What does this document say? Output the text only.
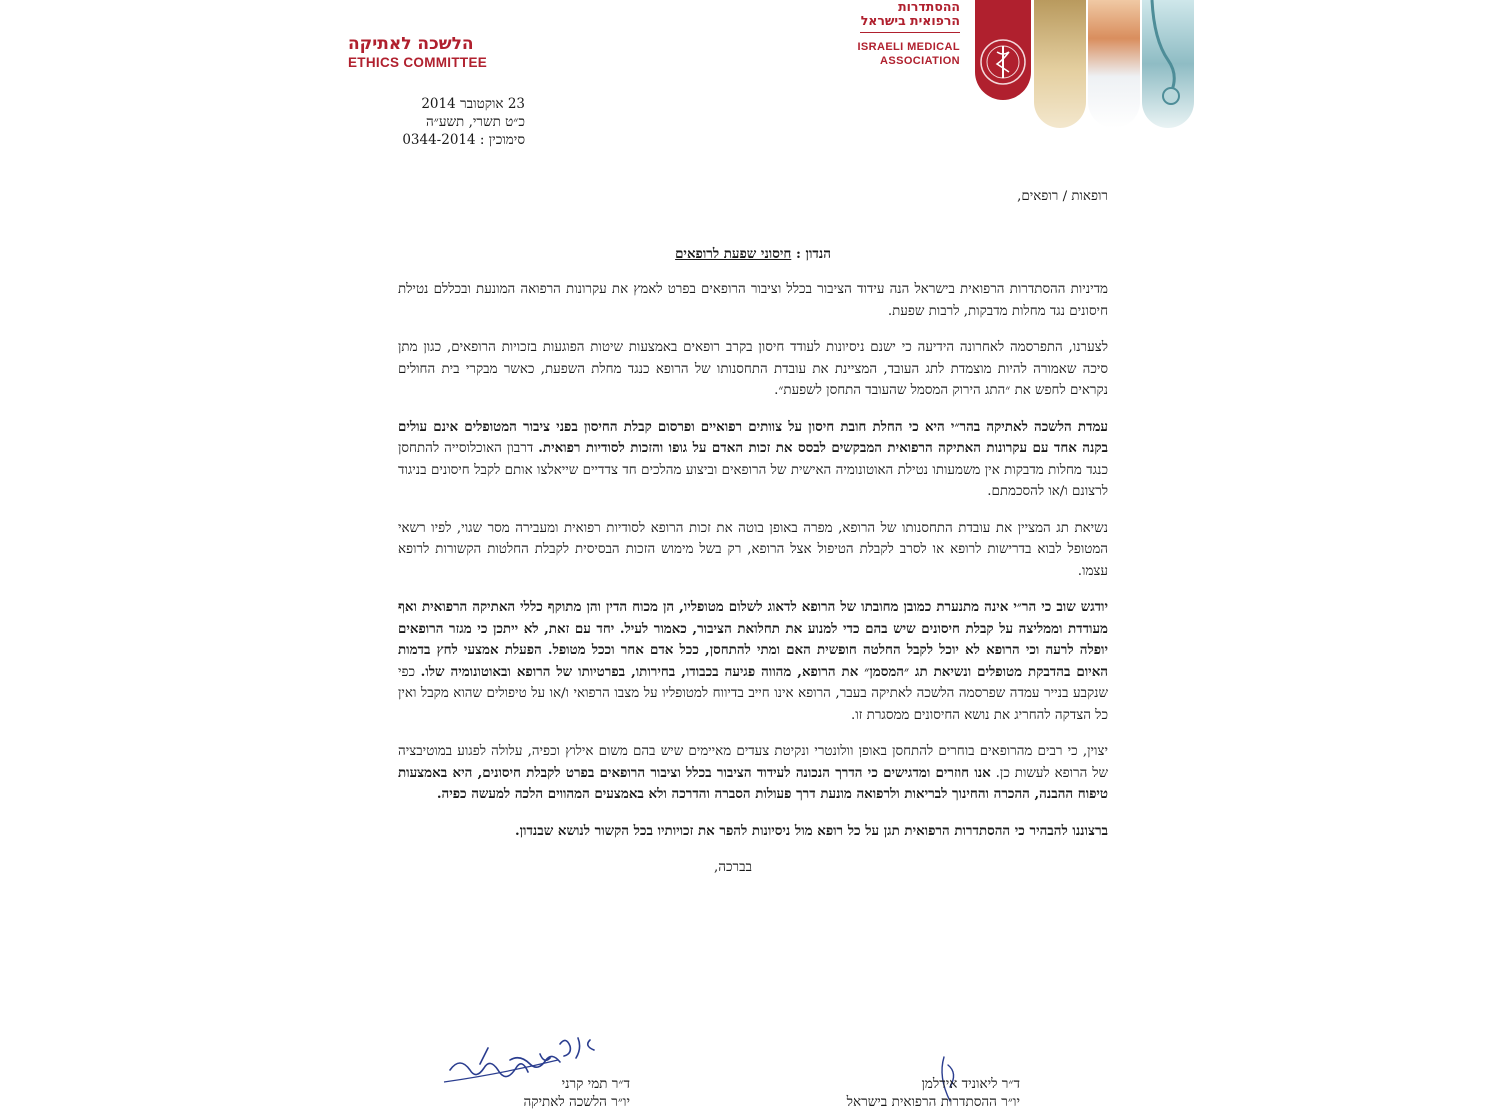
הלשכה לאתיקה
ETHICS COMMITTEE
ההסתדרות
הרפואית בישראל
ISRAELI MEDICAL
ASSOCIATION
23 אוקטובר 2014
כ״ט תשרי, תשע״ה
סימוכין : 0344-2014

רופאות / רופאים,

הנדון : חיסוני שפעת לרופאים

מדיניות ההסתדרות הרפואית בישראל הנה עידוד הציבור בכלל וציבור הרופאים בפרט לאמץ את עקרונות הרפואה המונעת ובכללם נטילת חיסונים נגד מחלות מדבקות, לרבות שפעת.

לצערנו, התפרסמה לאחרונה הידיעה כי ישנם ניסיונות לעודד חיסון בקרב רופאים באמצעות שיטות הפוגעות בזכויות הרופאים, כגון מתן סיכה שאמורה להיות מוצמדת לתג העובד, המציינת את עובדת התחסנותו של הרופא כנגד מחלת השפעת, כאשר מבקרי בית החולים נקראים לחפש את ״התג הירוק המסמל שהעובד התחסן לשפעת״.

עמדת הלשכה לאתיקה בהר״י היא כי החלת חובת חיסון על צוותים רפואיים ופרסום קבלת החיסון בפני ציבור המטופלים אינם עולים בקנה אחד עם עקרונות האתיקה הרפואית המבקשים לבסס את זכות האדם על גופו והזכות לסודיות רפואית. דרבון האוכלוסייה להתחסן כנגד מחלות מדבקות אין משמעותו נטילת האוטונומיה האישית של הרופאים וביצוע מהלכים חד צדדיים שייאלצו אותם לקבל חיסונים בניגוד לרצונם ו/או להסכמתם.

נשיאת תג המציין את עובדת התחסנותו של הרופא, מפרה באופן בוטה את זכות הרופא לסודיות רפואית ומעבירה מסר שגוי, לפיו רשאי המטופל לבוא בדרישות לרופא או לסרב לקבלת הטיפול אצל הרופא, רק בשל מימוש הזכות הבסיסית לקבלת החלטות הקשורות לרופא עצמו.

יודגש שוב כי הר״י אינה מתנערת כמובן מחובתו של הרופא לדאוג לשלום מטופליו, הן מכוח הדין והן מתוקף כללי האתיקה הרפואית ואף מעודדת וממליצה על קבלת חיסונים שיש בהם כדי למנוע את תחלואת הציבור, כאמור לעיל. יחד עם זאת, לא ייתכן כי מגזר הרופאים יופלה לרעה וכי הרופא לא יוכל לקבל החלטה חופשית האם ומתי להתחסן, ככל אדם אחר וככל מטופל. הפעלת אמצעי לחץ בדמות האיום בהדבקת מטופלים ונשיאת תג ״המסמן״ את הרופא, מהווה פגיעה בכבודו, בחירותו, בפרטיותו של הרופא ובאוטונומיה שלו. כפי שנקבע בנייר עמדה שפרסמה הלשכה לאתיקה בעבר, הרופא אינו חייב בדיווח למטופליו על מצבו הרפואי ו/או על טיפולים שהוא מקבל ואין כל הצדקה להחריג את נושא החיסונים ממסגרת זו.

יצוין, כי רבים מהרופאים בוחרים להתחסן באופן וולונטרי ונקיטת צעדים מאיימים שיש בהם משום אילוץ וכפיה, עלולה לפגוע במוטיבציה של הרופא לעשות כן. אנו חוזרים ומדגישים כי הדרך הנכונה לעידוד הציבור בכלל וציבור הרופאים בפרט לקבלת חיסונים, היא באמצעות טיפוח ההבנה, ההכרה והחינוך לבריאות ולרפואה מונעת דרך פעולות הסברה והדרכה ולא באמצעים המהווים הלכה למעשה כפיה.

ברצוננו להבהיר כי ההסתדרות הרפואית תגן על כל רופא מול ניסיונות להפר את זכויותיו בכל הקשור לנושא שבנדון.

בברכה,

ד״ר תמי קרני
יו״ר הלשכה לאתיקה
ד״ר ליאוניד אידלמן
יו״ר ההסתדרות הרפואית בישראל
